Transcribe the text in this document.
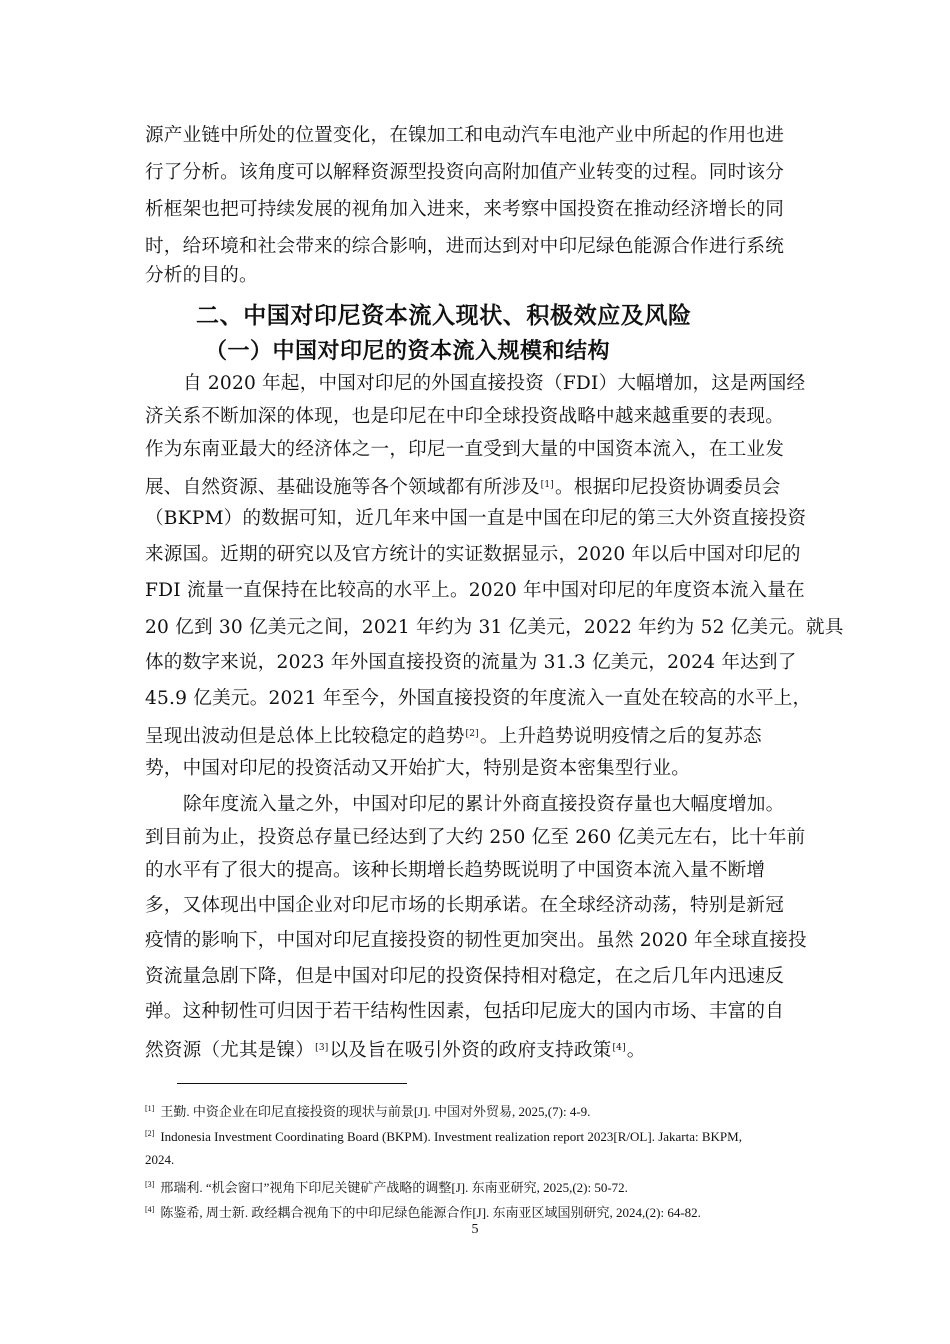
源产业链中所处的位置变化，在镍加工和电动汽车电池产业中所起的作用也进
行了分析。该角度可以解释资源型投资向高附加值产业转变的过程。同时该分
析框架也把可持续发展的视角加入进来，来考察中国投资在推动经济增长的同
时，给环境和社会带来的综合影响，进而达到对中印尼绿色能源合作进行系统
分析的目的。
二、中国对印尼资本流入现状、积极效应及风险
（一）中国对印尼的资本流入规模和结构
自 2020 年起，中国对印尼的外国直接投资（FDI）大幅增加，这是两国经
济关系不断加深的体现，也是印尼在中印全球投资战略中越来越重要的表现。
作为东南亚最大的经济体之一，印尼一直受到大量的中国资本流入，在工业发
展、自然资源、基础设施等各个领域都有所涉及[1]。根据印尼投资协调委员会
（BKPM）的数据可知，近几年来中国一直是中国在印尼的第三大外资直接投资
来源国。近期的研究以及官方统计的实证数据显示，2020 年以后中国对印尼的
FDI 流量一直保持在比较高的水平上。2020 年中国对印尼的年度资本流入量在
20 亿到 30 亿美元之间，2021 年约为 31 亿美元，2022 年约为 52 亿美元。就具
体的数字来说，2023 年外国直接投资的流量为 31.3 亿美元，2024 年达到了
45.9 亿美元。2021 年至今，外国直接投资的年度流入一直处在较高的水平上，
呈现出波动但是总体上比较稳定的趋势[2]。上升趋势说明疫情之后的复苏态
势，中国对印尼的投资活动又开始扩大，特别是资本密集型行业。
除年度流入量之外，中国对印尼的累计外商直接投资存量也大幅度增加。
到目前为止，投资总存量已经达到了大约 250 亿至 260 亿美元左右，比十年前
的水平有了很大的提高。该种长期增长趋势既说明了中国资本流入量不断增
多，又体现出中国企业对印尼市场的长期承诺。在全球经济动荡，特别是新冠
疫情的影响下，中国对印尼直接投资的韧性更加突出。虽然 2020 年全球直接投
资流量急剧下降，但是中国对印尼的投资保持相对稳定，在之后几年内迅速反
弹。这种韧性可归因于若干结构性因素，包括印尼庞大的国内市场、丰富的自
然资源（尤其是镍）[3]以及旨在吸引外资的政府支持政策[4]。
[1] 王勤. 中资企业在印尼直接投资的现状与前景[J]. 中国对外贸易, 2025,(7): 4-9.
[2] Indonesia Investment Coordinating Board (BKPM). Investment realization report 2023[R/OL]. Jakarta: BKPM,
2024.
[3] 邢瑞利. “机会窗口”视角下印尼关键矿产战略的调整[J]. 东南亚研究, 2025,(2): 50-72.
[4] 陈鉴希, 周士新. 政经耦合视角下的中印尼绿色能源合作[J]. 东南亚区域国别研究, 2024,(2): 64-82.
5
